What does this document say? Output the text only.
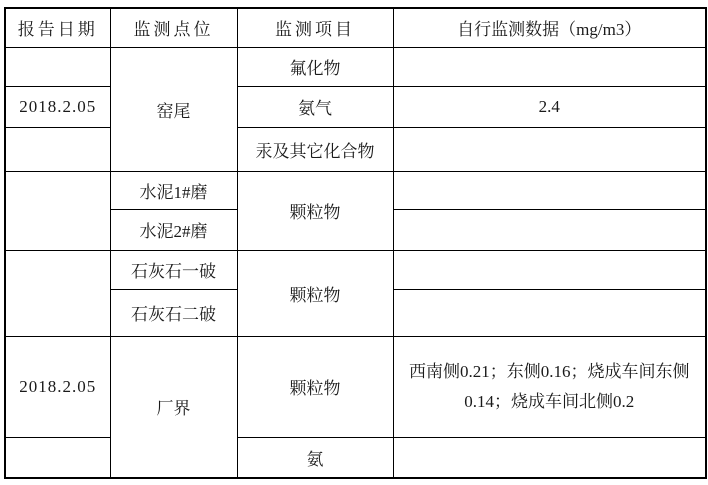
报告日期	监测点位	监测项目	自行监测数据（mg/m3）
	窑尾	氟化物	
2018.2.05		氨气	2.4
		汞及其它化合物	
	水泥1#磨	颗粒物	
	水泥2#磨		
	石灰石一破	颗粒物	
	石灰石二破		
2018.2.05	厂界	颗粒物	西南侧0.21；东侧0.16；烧成车间东侧0.14；烧成车间北侧0.2
		氨	
